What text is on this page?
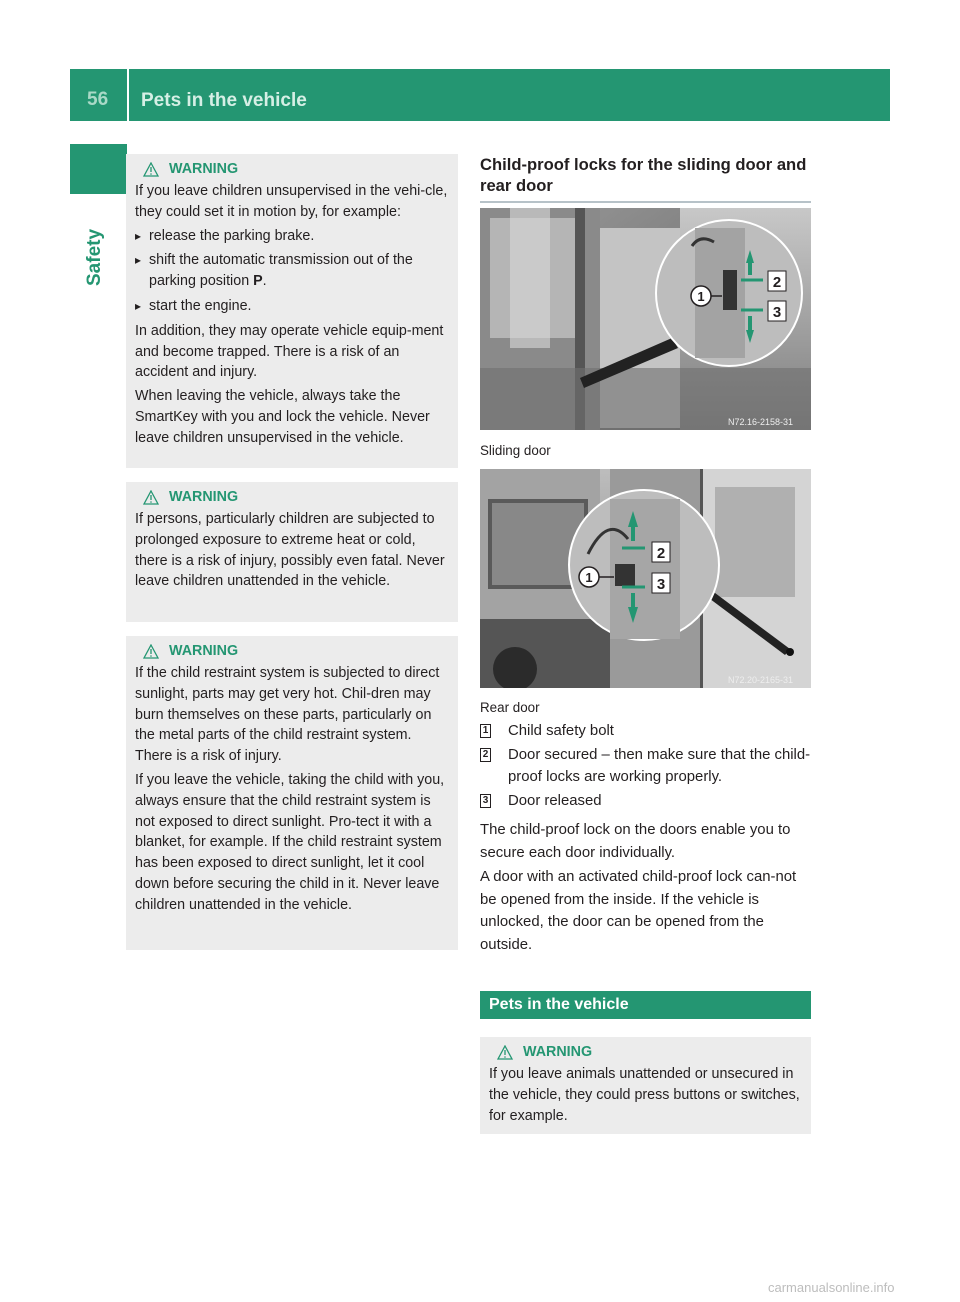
56	Pets in the vehicle
Safety
WARNING

If you leave children unsupervised in the vehi-cle, they could set it in motion by, for example:

▸ release the parking brake.
▸ shift the automatic transmission out of the parking position P.
▸ start the engine.

In addition, they may operate vehicle equip-ment and become trapped. There is a risk of an accident and injury.

When leaving the vehicle, always take the SmartKey with you and lock the vehicle. Never leave children unsupervised in the vehicle.

WARNING

If persons, particularly children are subjected to prolonged exposure to extreme heat or cold, there is a risk of injury, possibly even fatal. Never leave children unattended in the vehicle.

WARNING

If the child restraint system is subjected to direct sunlight, parts may get very hot. Chil-dren may burn themselves on these parts, particularly on the metal parts of the child restraint system. There is a risk of injury.

If you leave the vehicle, taking the child with you, always ensure that the child restraint system is not exposed to direct sunlight. Pro-tect it with a blanket, for example. If the child restraint system has been exposed to direct sunlight, let it cool down before securing the child in it. Never leave children unattended in the vehicle.

Child-proof locks for the sliding door and rear door
1
2
3
N72.16-2158-31
Sliding door
1
2
3
N72.20-2165-31
Rear door
1 Child safety bolt
2 Door secured – then make sure that the child-proof locks are working properly.
3 Door released

The child-proof lock on the doors enable you to secure each door individually.

A door with an activated child-proof lock can-not be opened from the inside. If the vehicle is unlocked, the door can be opened from the outside.

Pets in the vehicle
WARNING

If you leave animals unattended or unsecured in the vehicle, they could press buttons or switches, for example.

carmanualsonline.info
